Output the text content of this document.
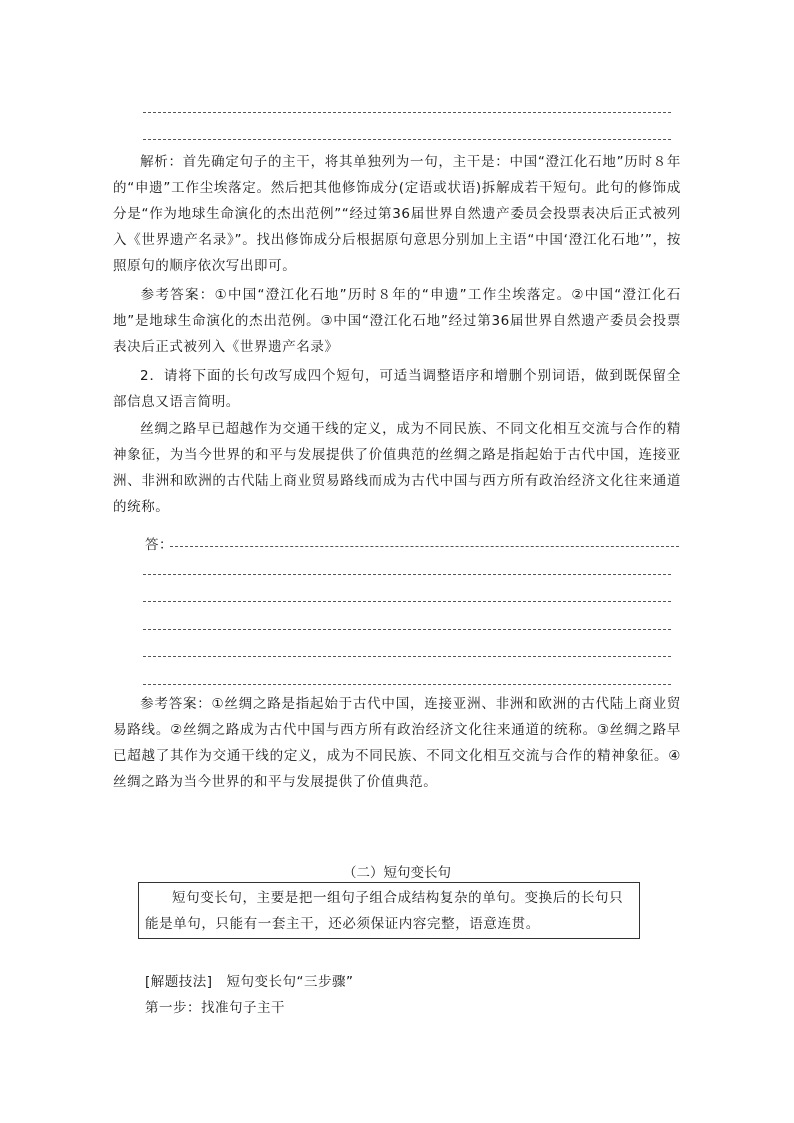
解析：首先确定句子的主干，将其单独列为一句，主干是：中国“澄江化石地”历时８年的“申遗”工作尘埃落定。然后把其他修饰成分(定语或状语)拆解成若干短句。此句的修饰成分是“作为地球生命演化的杰出范例”“经过第36届世界自然遗产委员会投票表决后正式被列入《世界遗产名录》”。找出修饰成分后根据原句意思分别加上主语“中国‘澄江化石地’”，按照原句的顺序依次写出即可。

参考答案：①中国“澄江化石地”历时８年的“申遗”工作尘埃落定。②中国“澄江化石地”是地球生命演化的杰出范例。③中国“澄江化石地”经过第36届世界自然遗产委员会投票表决后正式被列入《世界遗产名录》

2．请将下面的长句改写成四个短句，可适当调整语序和增删个别词语，做到既保留全部信息又语言简明。

丝绸之路早已超越作为交通干线的定义，成为不同民族、不同文化相互交流与合作的精神象征，为当今世界的和平与发展提供了价值典范的丝绸之路是指起始于古代中国，连接亚洲、非洲和欧洲的古代陆上商业贸易路线而成为古代中国与西方所有政治经济文化往来通道的统称。

答：

参考答案：①丝绸之路是指起始于古代中国，连接亚洲、非洲和欧洲的古代陆上商业贸易路线。②丝绸之路成为古代中国与西方所有政治经济文化往来通道的统称。③丝绸之路早已超越了其作为交通干线的定义，成为不同民族、不同文化相互交流与合作的精神象征。④丝绸之路为当今世界的和平与发展提供了价值典范。

（二）短句变长句
短句变长句，主要是把一组句子组合成结构复杂的单句。变换后的长句只能是单句，只能有一套主干，还必须保证内容完整，语意连贯。
[解题技法]　短句变长句“三步骤”
第一步：找准句子主干
